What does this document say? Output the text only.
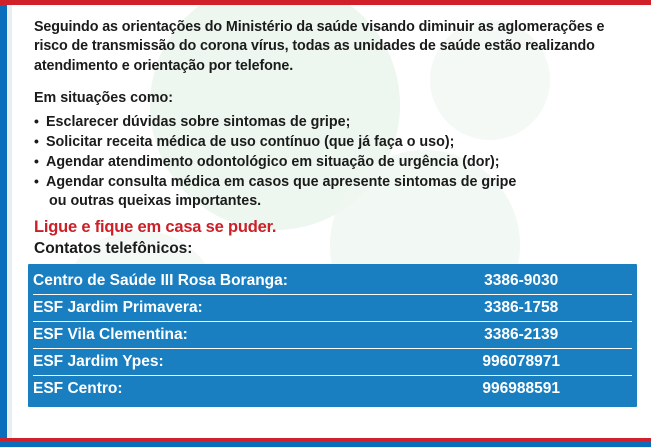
Seguindo as orientações do Ministério da saúde visando diminuir as aglomerações e risco de transmissão do corona vírus, todas as unidades de saúde estão realizando atendimento e orientação por telefone.

Em situações como:

• Esclarecer dúvidas sobre sintomas de gripe;
• Solicitar receita médica de uso contínuo (que já faça o uso);
• Agendar atendimento odontológico em situação de urgência (dor);
• Agendar consulta médica em casos que apresente sintomas de gripe
ou outras queixas importantes.

Ligue e fique em casa se puder.

Contatos telefônicos:

Centro de Saúde III Rosa Boranga:	3386-9030
ESF Jardim Primavera:	3386-1758
ESF Vila Clementina:	3386-2139
ESF Jardim Ypes:	996078971
ESF Centro:	996988591
